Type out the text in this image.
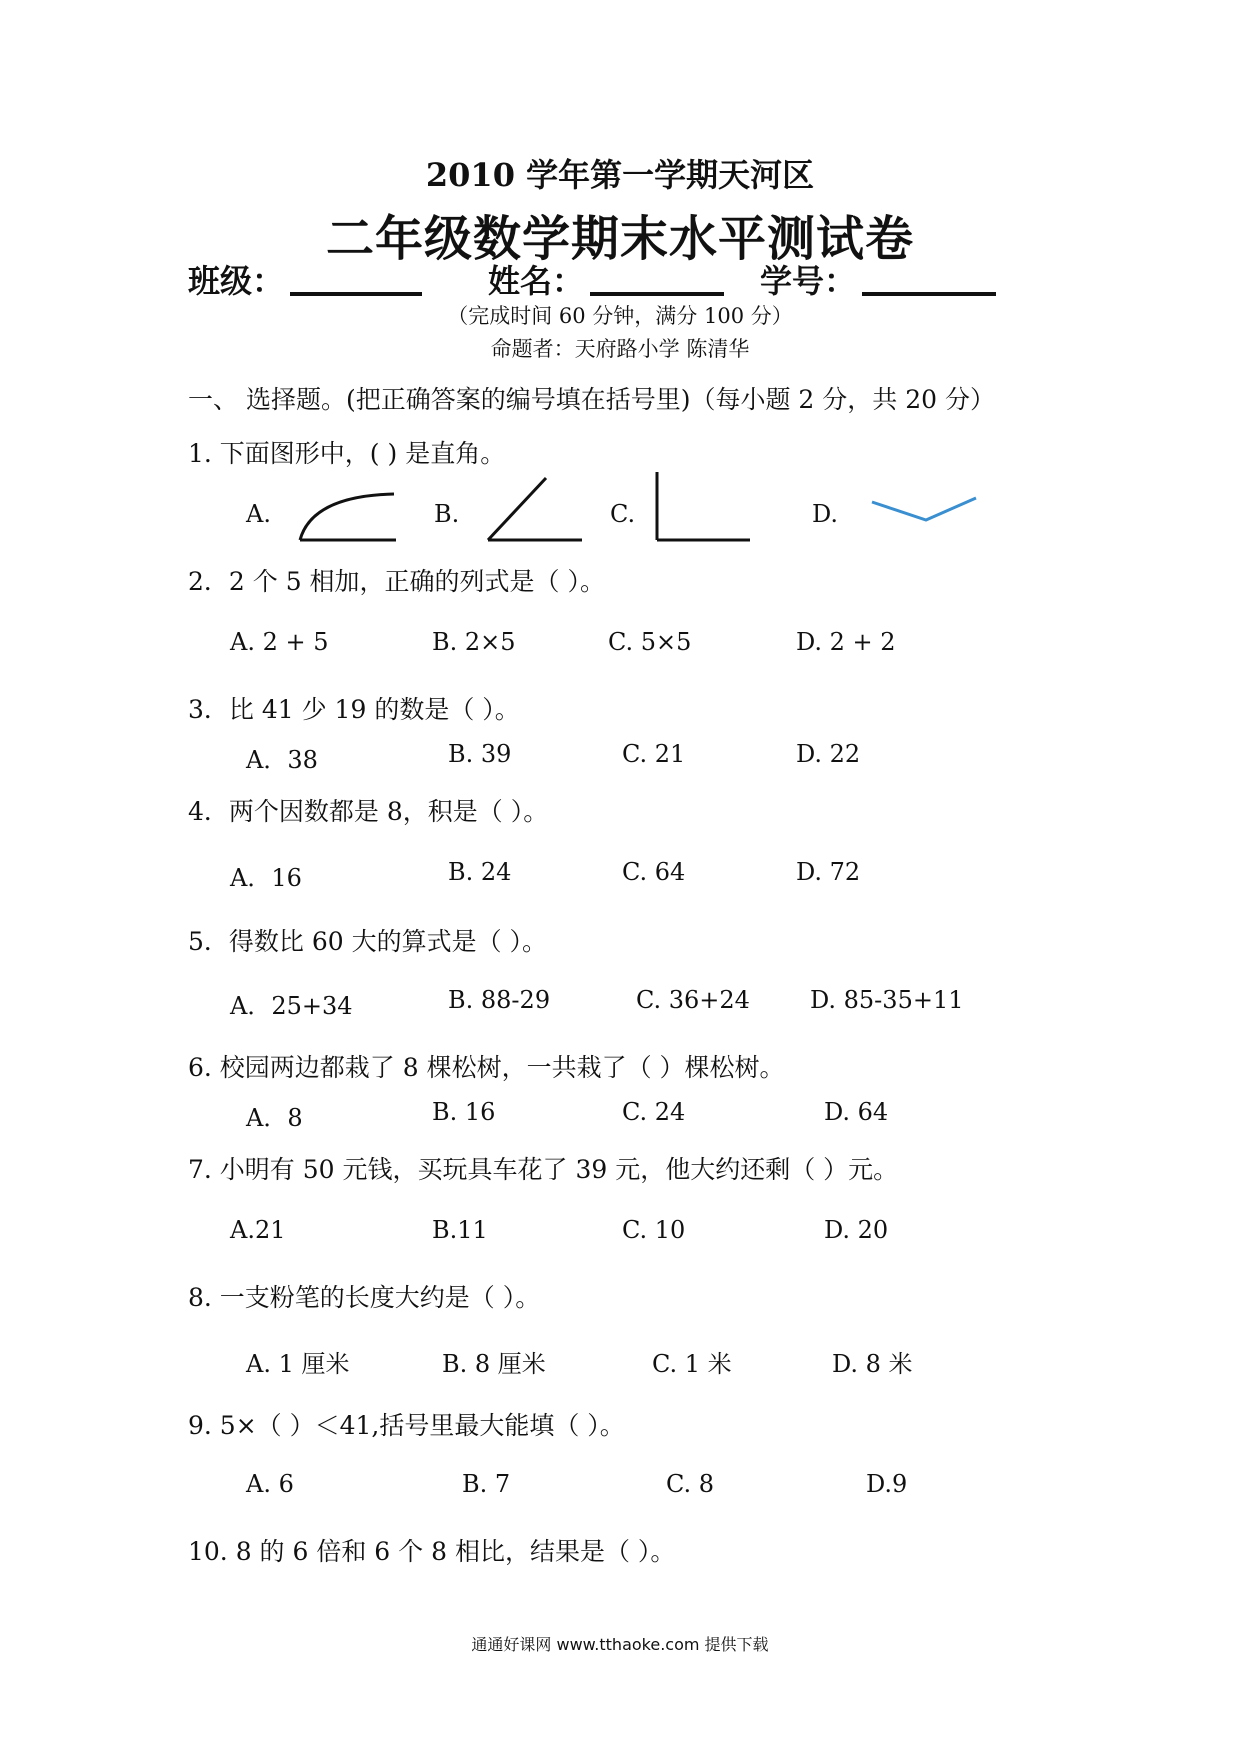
2010 学年第一学期天河区
二年级数学期末水平测试卷
班级：	姓名：	学号：
（完成时间 60 分钟，满分 100 分）
命题者：天府路小学 陈清华
一、 选择题。(把正确答案的编号填在括号里)（每小题 2 分，共 20 分）
1. 下面图形中，( ) 是直角。
A.	B.	C.	D.
2．2 个 5 相加，正确的列式是（ ）。
A. 2 + 5	B. 2×5	C. 5×5	D. 2 + 2
3．比 41 少 19 的数是（ ）。
A．38	B. 39	C. 21	D. 22
4．两个因数都是 8，积是（ ）。
A．16	B. 24	C. 64	D. 72
5．得数比 60 大的算式是（ ）。
A．25+34	B. 88-29	C. 36+24	D. 85-35+11
6. 校园两边都栽了 8 棵松树，一共栽了（ ）棵松树。
A．8	B. 16	C. 24	D. 64
7. 小明有 50 元钱，买玩具车花了 39 元，他大约还剩（ ）元。
A.21	B.11	C. 10	D. 20
8. 一支粉笔的长度大约是（ ）。
A. 1 厘米	B. 8 厘米	C. 1 米	D. 8 米
9. 5×（ ）＜41,括号里最大能填（ ）。
A. 6	B. 7	C. 8	D.9
10. 8 的 6 倍和 6 个 8 相比，结果是（ ）。
通通好课网 www.tthaoke.com 提供下载
